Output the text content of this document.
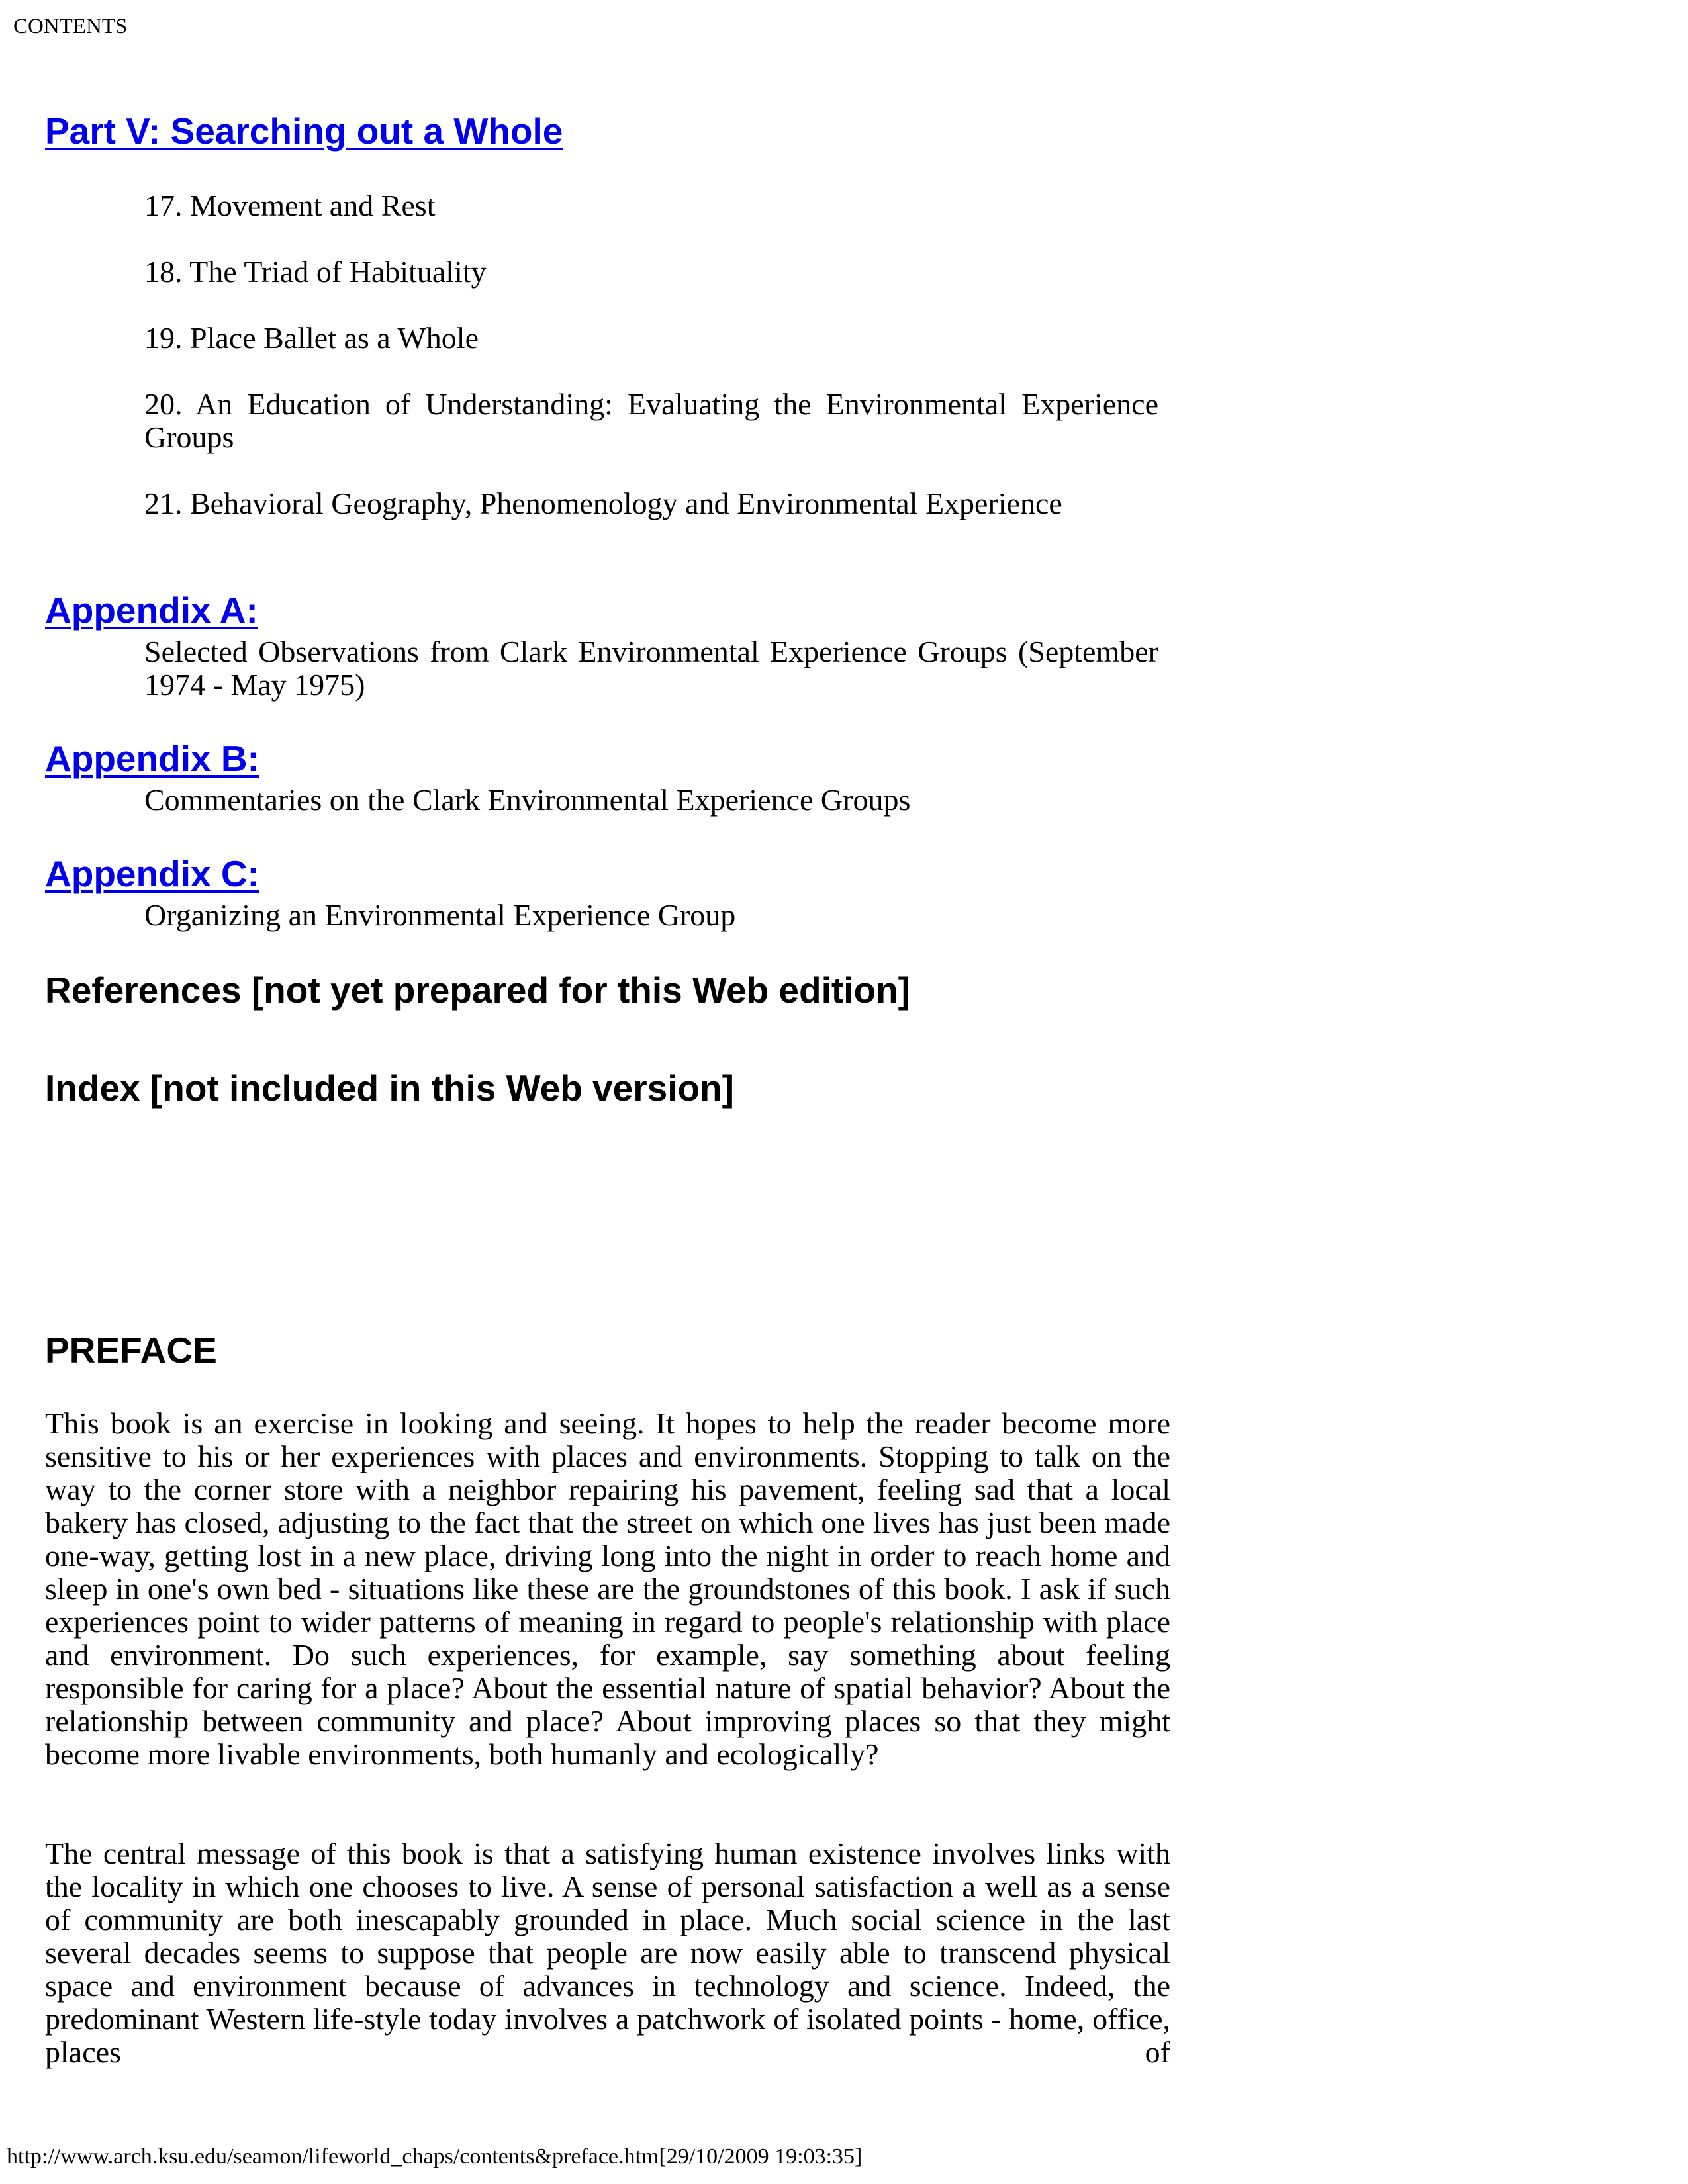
CONTENTS
Part V: Searching out a Whole

17. Movement and Rest

18. The Triad of Habituality

19. Place Ballet as a Whole

20. An Education of Understanding: Evaluating the Environmental Experience Groups

21. Behavioral Geography, Phenomenology and Environmental Experience

Appendix A:

Selected Observations from Clark Environmental Experience Groups (September 1974 - May 1975)

Appendix B:

Commentaries on the Clark Environmental Experience Groups

Appendix C:

Organizing an Environmental Experience Group

References [not yet prepared for this Web edition]
Index [not included in this Web version]
PREFACE

This book is an exercise in looking and seeing. It hopes to help the reader become more sensitive to his or her experiences with places and environments. Stopping to talk on the way to the corner store with a neighbor repairing his pavement, feeling sad that a local bakery has closed, adjusting to the fact that the street on which one lives has just been made one-way, getting lost in a new place, driving long into the night in order to reach home and sleep in one's own bed - situations like these are the groundstones of this book. I ask if such experiences point to wider patterns of meaning in regard to people's relationship with place and environment. Do such experiences, for example, say something about feeling responsible for caring for a place? About the essential nature of spatial behavior? About the relationship between community and place? About improving places so that they might become more livable environments, both humanly and ecologically?

The central message of this book is that a satisfying human existence involves links with the locality in which one chooses to live. A sense of personal satisfaction a well as a sense of community are both inescapably grounded in place. Much social science in the last several decades seems to suppose that people are now easily able to transcend physical space and environment because of advances in technology and science. Indeed, the predominant Western life-style today involves a patchwork of isolated points - home, office, places of

http://www.arch.ksu.edu/seamon/lifeworld_chaps/contents&preface.htm[29/10/2009 19:03:35]
